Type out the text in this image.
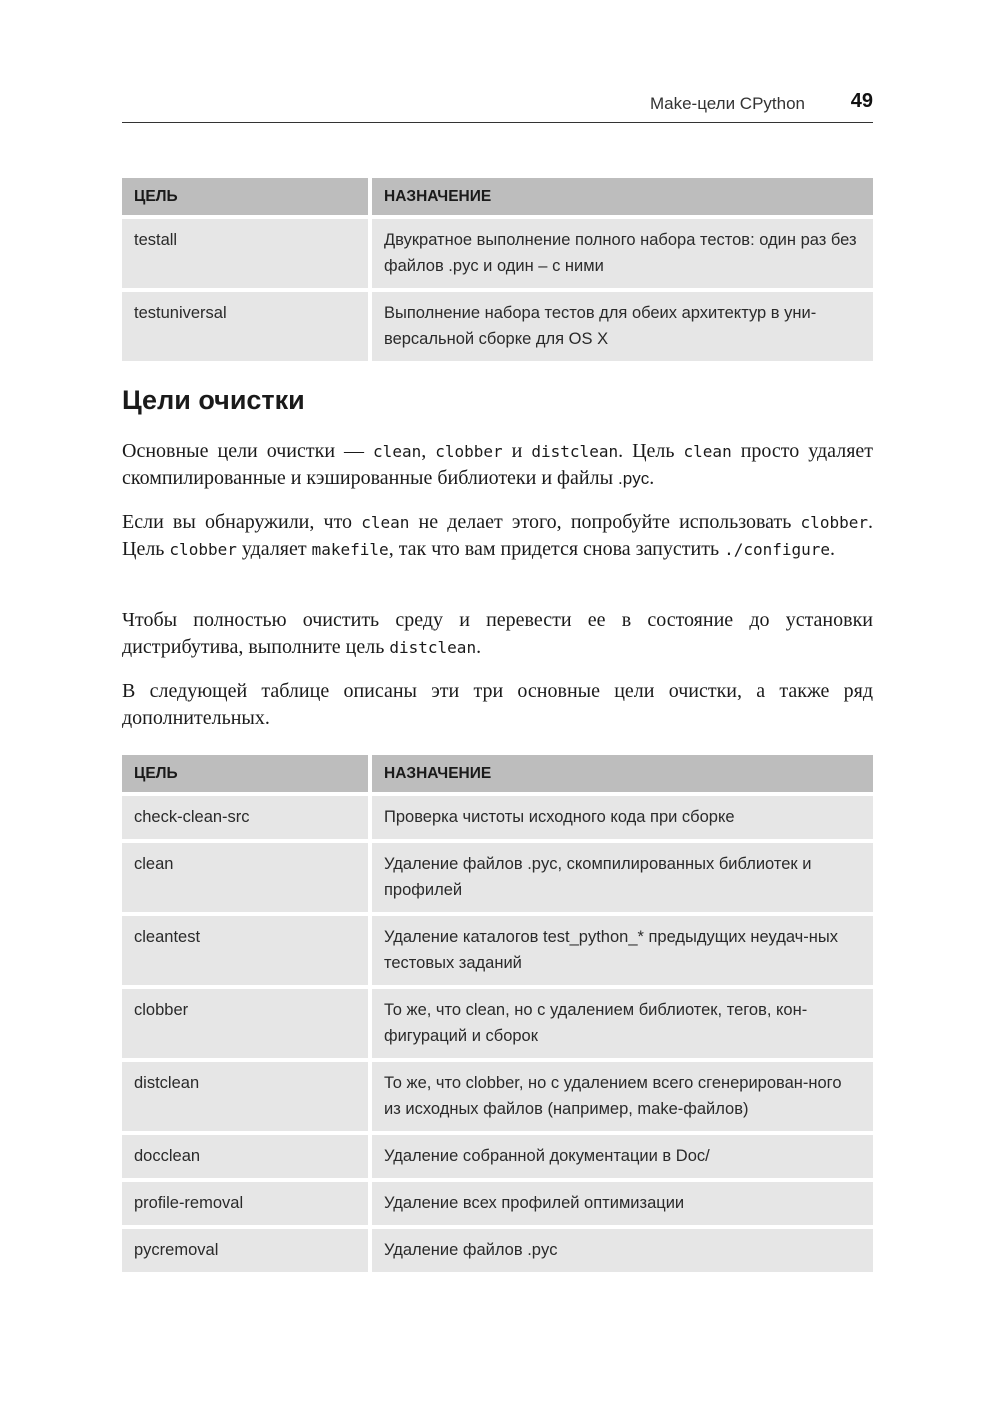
Make-цели CPython 49
ЦЕЛЬ	НАЗНАЧЕНИЕ
testall	Двукратное выполнение полного набора тестов: один раз без файлов .pyc и один – с ними
testuniversal	Выполнение набора тестов для обеих архитектур в уни-версальной сборке для OS X
Цели очистки

Основные цели очистки — clean, clobber и distclean. Цель clean просто удаляет скомпилированные и кэшированные библиотеки и файлы .pyc.

Если вы обнаружили, что clean не делает этого, попробуйте использовать clobber. Цель clobber удаляет makefile, так что вам придется снова запустить ./configure.

Чтобы полностью очистить среду и перевести ее в состояние до установки дистрибутива, выполните цель distclean.

В следующей таблице описаны эти три основные цели очистки, а также ряд дополнительных.

ЦЕЛЬ	НАЗНАЧЕНИЕ
check-clean-src	Проверка чистоты исходного кода при сборке
clean	Удаление файлов .pyc, скомпилированных библиотек и профилей
cleantest	Удаление каталогов test_python_* предыдущих неудач-ных тестовых заданий
clobber	То же, что clean, но с удалением библиотек, тегов, кон-фигураций и сборок
distclean	То же, что clobber, но с удалением всего сгенерирован-ного из исходных файлов (например, make-файлов)
docclean	Удаление собранной документации в Doc/
profile-removal	Удаление всех профилей оптимизации
pycremoval	Удаление файлов .pyc
